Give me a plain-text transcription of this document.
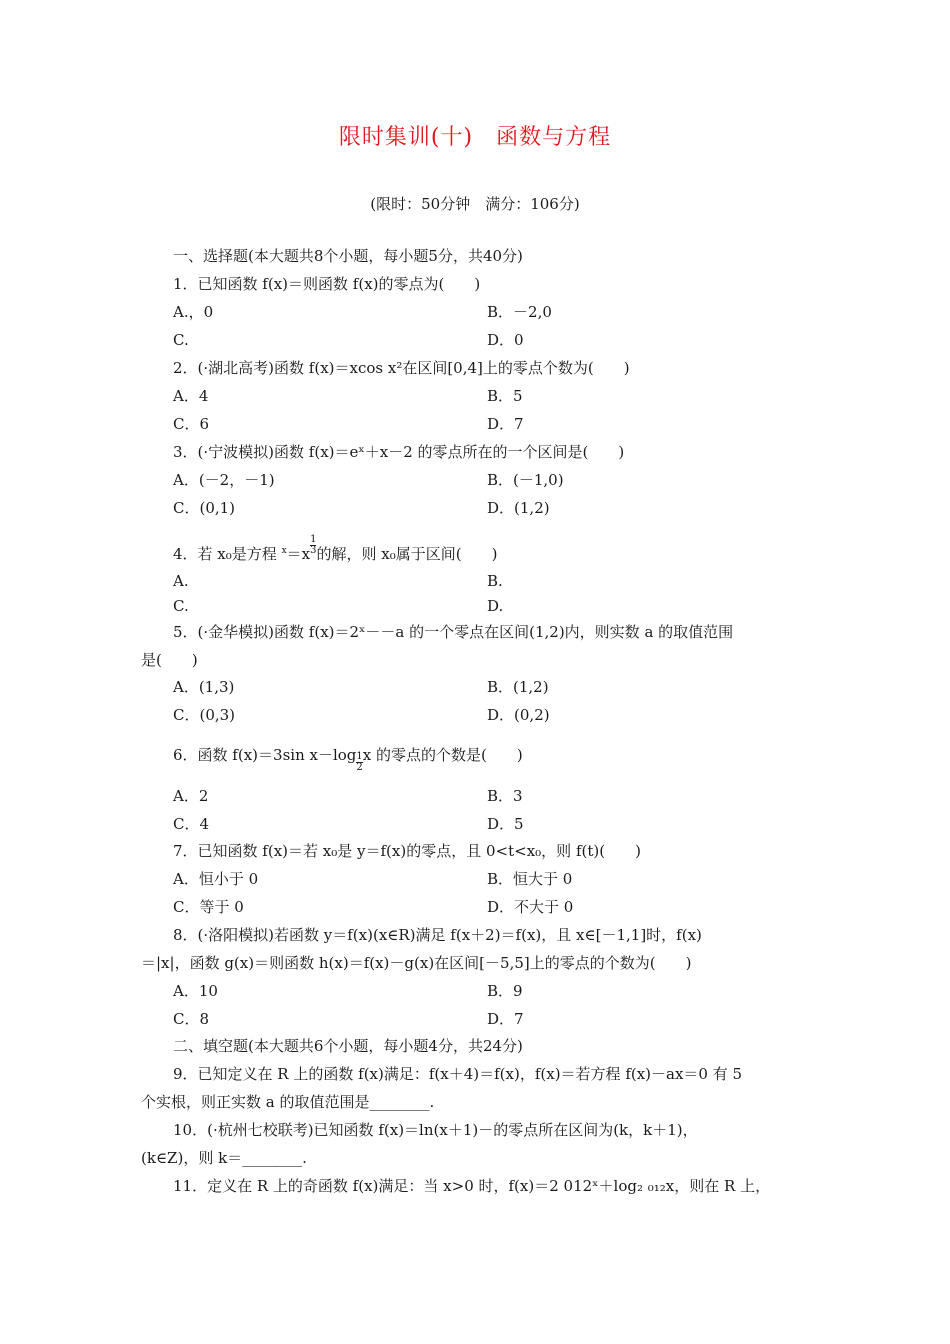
限时集训(十)　函数与方程
(限时：50分钟　满分：106分)
一、选择题(本大题共8个小题，每小题5分，共40分)
1．已知函数 f(x)＝则函数 f(x)的零点为(　　)
A.，0	B．－2,0
C.	D．0
2．(·湖北高考)函数 f(x)＝xcos x²在区间[0,4]上的零点个数为(　　)
A．4	B．5
C．6	D．7
3．(·宁波模拟)函数 f(x)＝eˣ＋x－2 的零点所在的一个区间是(　　)
A．(－2，－1)	B．(－1,0)
C．(0,1)	D．(1,2)
4．若 x₀是方程 $^x=x \frac{1}{3}$ 的解，则 x₀属于区间(　　)
A.	B.
C.	D.
5．(·金华模拟)函数 f(x)＝2ˣ－－a 的一个零点在区间(1,2)内，则实数 a 的取值范围
是(　　)
A．(1,3)	B．(1,2)
C．(0,3)	D．(0,2)
6．函数 f(x)＝3sin $x-\log \frac{1}{2}$ x 的零点的个数是(　　)
A．2	B．3
C．4	D．5
7．已知函数 f(x)＝若 x₀是 y＝f(x)的零点，且 0<t<x₀，则 f(t)(　　)
A．恒小于 0	B．恒大于 0
C．等于 0	D．不大于 0
8．(·洛阳模拟)若函数 y＝f(x)(x∈R)满足 f(x＋2)＝f(x)，且 x∈[－1,1]时，f(x)
＝|x|，函数 g(x)＝则函数 h(x)＝f(x)－g(x)在区间[－5,5]上的零点的个数为(　　)
A．10	B．9
C．8	D．7
二、填空题(本大题共6个小题，每小题4分，共24分)
9．已知定义在 R 上的函数 f(x)满足：f(x＋4)＝f(x)，f(x)＝若方程 f(x)－ax＝0 有 5
个实根，则正实数 a 的取值范围是________.
10．(·杭州七校联考)已知函数 f(x)＝ln(x＋1)－的零点所在区间为(k，k＋1)，
(k∈Z)，则 k＝________.
11．定义在 R 上的奇函数 f(x)满足：当 x>0 时，f(x)＝2 012ˣ＋log₂ ₀₁₂x，则在 R 上，
